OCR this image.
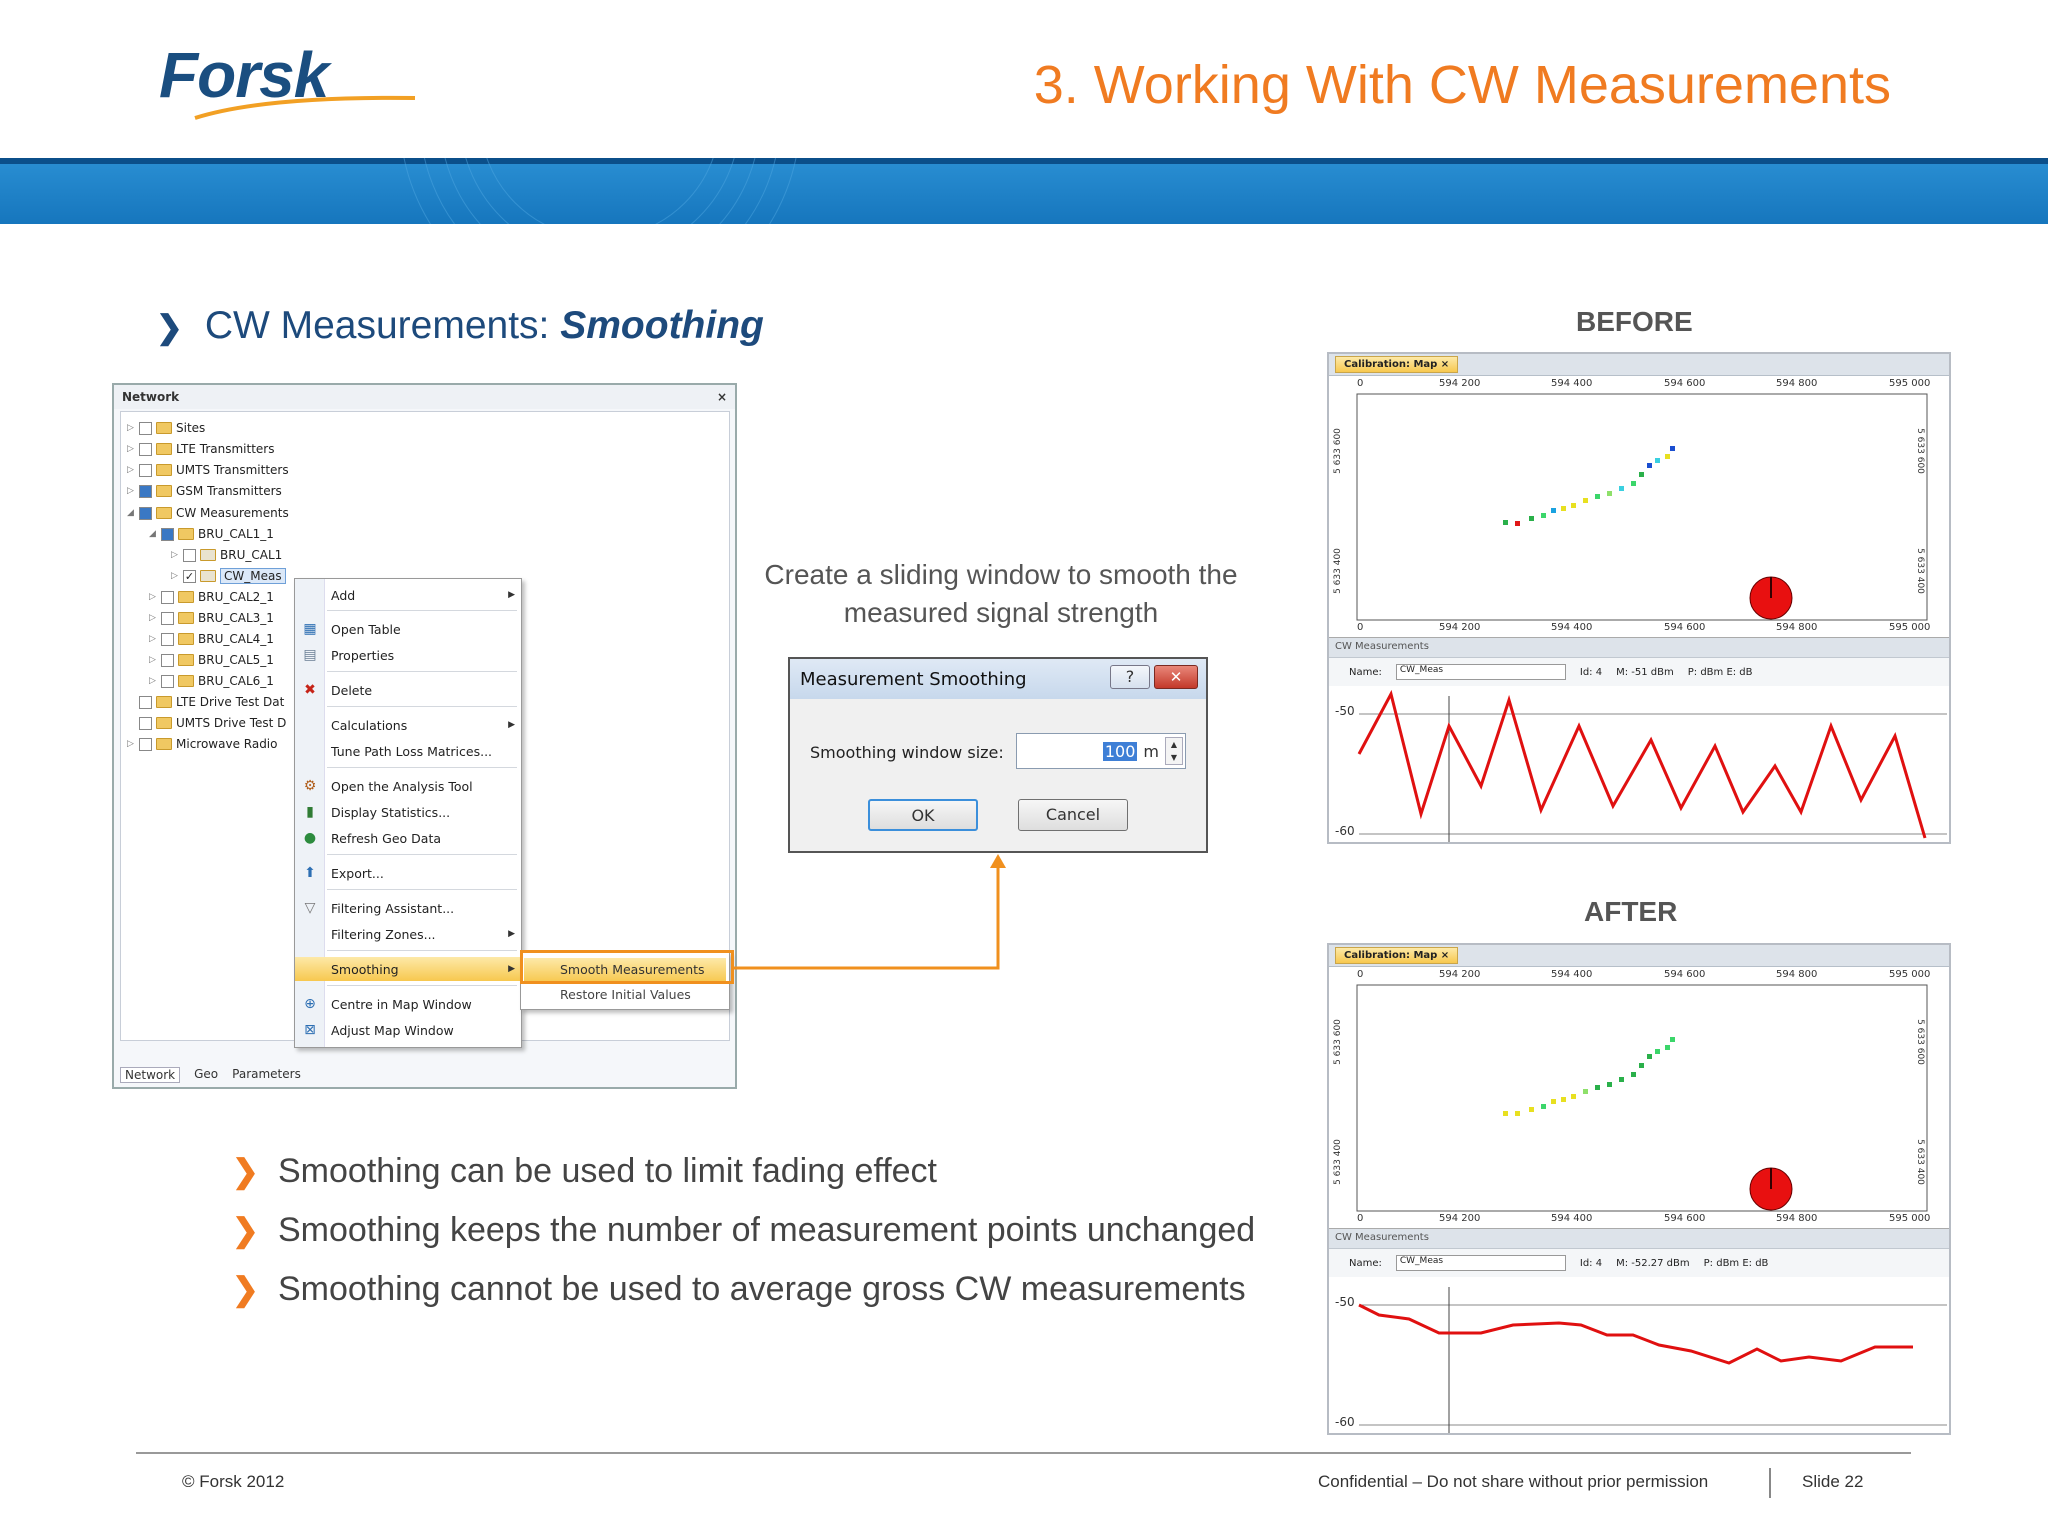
Forsk	3. Working With CW Measurements
❯ CW Measurements: Smoothing	BEFORE
AFTER
Create a sliding window to smooth the measured signal strength
Network	×
▷	Sites
▷	LTE Transmitters
▷	UMTS Transmitters
▷	GSM Transmitters
◢	CW Measurements
◢	BRU_CAL1_1
▷	BRU_CAL1
▷ ✓	CW_Meas
▷	BRU_CAL2_1
▷	BRU_CAL3_1
▷	BRU_CAL4_1
▷	BRU_CAL5_1
▷	BRU_CAL6_1
LTE Drive Test Dat
UMTS Drive Test D
▷	Microwave Radio
Network	Geo Parameters
Add	▶
▦ Open Table
▤ Properties
✖ Delete
Calculations	▶
Tune Path Loss Matrices...
⚙ Open the Analysis Tool
▮	Display Statistics...
● Refresh Geo Data
⬆ Export...
▽ Filtering Assistant...
Filtering Zones...	▶
Smoothing	▶
⊕ Centre in Map Window
⊠ Adjust Map Window
Smooth Measurements
Restore Initial Values
Measurement Smoothing	?	✕
Smoothing window size:	100 m	▲
▼
OK	Cancel
❯ Smoothing can be used to limit fading effect
❯ Smoothing keeps the number of measurement points unchanged
❯ Smoothing cannot be used to average gross CW measurements
Calibration: Map ×
0	594 200	594 400	594 600	594 800	595 000
0	594 200	594 400	594 600	594 800	595 000
5 633 600
5 633 400
5 633 600
5 633 400
CW Measurements
Name:	CW_Meas	Id: 4 M: -51 dBm P: dBm E: dB
-50
-60
Calibration: Map ×
0	594 200	594 400	594 600	594 800	595 000
0	594 200	594 400	594 600	594 800	595 000
5 633 600
5 633 400
5 633 600
5 633 400
CW Measurements
Name:	CW_Meas	Id: 4 M: -52.27 dBm P: dBm E: dB
-50
-60
© Forsk 2012	Confidential – Do not share without prior permission	Slide 22
